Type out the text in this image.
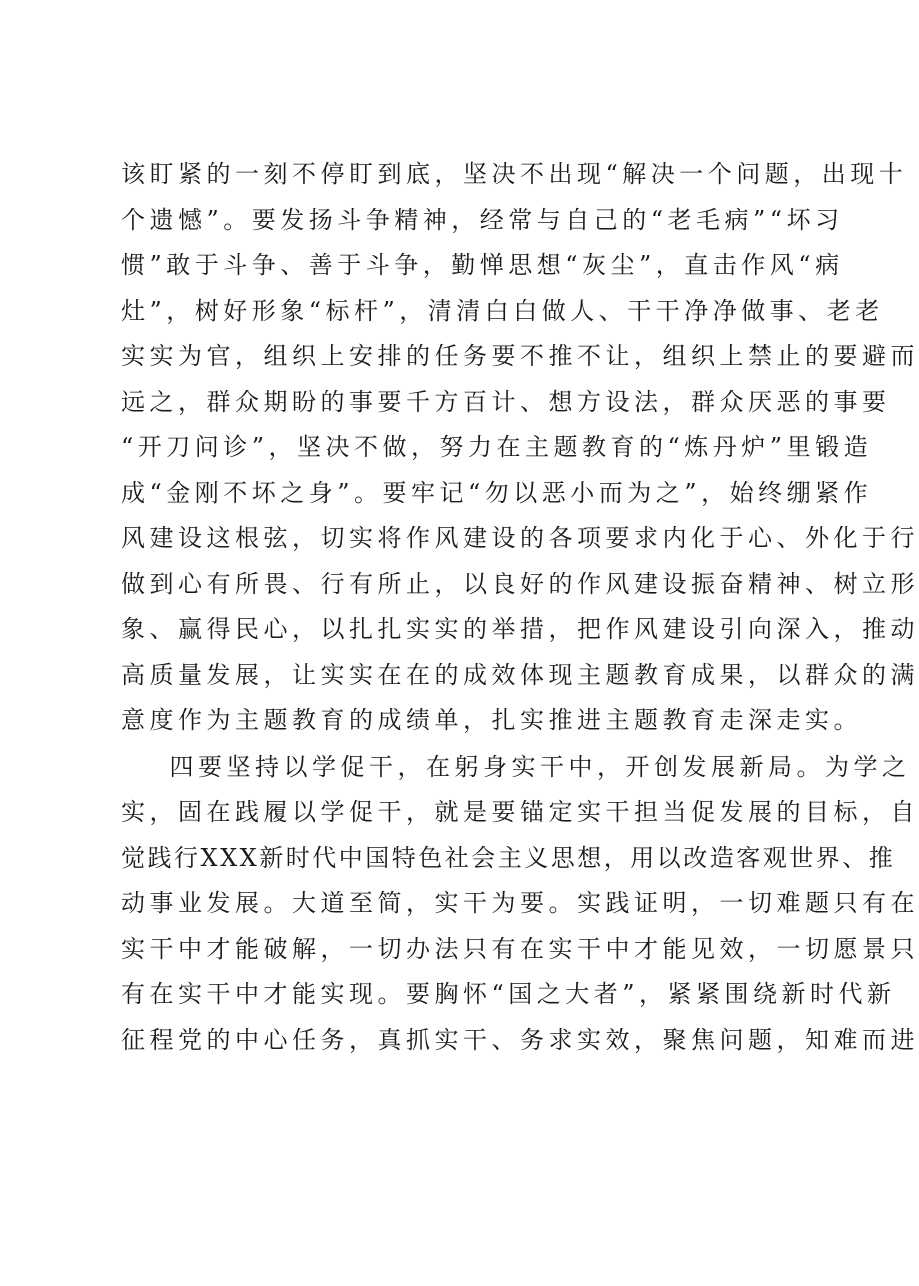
该盯紧的一刻不停盯到底，坚决不出现“解决一个问题，出现十
个遗憾”。要发扬斗争精神，经常与自己的“老毛病”“坏习
惯”敢于斗争、善于斗争，勤惮思想“灰尘”，直击作风“病
灶”，树好形象“标杆”，清清白白做人、干干净净做事、老老
实实为官，组织上安排的任务要不推不让，组织上禁止的要避而
远之，群众期盼的事要千方百计、想方设法，群众厌恶的事要
“开刀问诊”，坚决不做，努力在主题教育的“炼丹炉”里锻造
成“金刚不坏之身”。要牢记“勿以恶小而为之”，始终绷紧作
风建设这根弦，切实将作风建设的各项要求内化于心、外化于行
做到心有所畏、行有所止，以良好的作风建设振奋精神、树立形
象、赢得民心，以扎扎实实的举措，把作风建设引向深入，推动
高质量发展，让实实在在的成效体现主题教育成果，以群众的满
意度作为主题教育的成绩单，扎实推进主题教育走深走实。
四要坚持以学促干，在躬身实干中，开创发展新局。为学之
实，固在践履以学促干，就是要锚定实干担当促发展的目标，自
觉践行XXX新时代中国特色社会主义思想，用以改造客观世界、推
动事业发展。大道至简，实干为要。实践证明，一切难题只有在
实干中才能破解，一切办法只有在实干中才能见效，一切愿景只
有在实干中才能实现。要胸怀“国之大者”，紧紧围绕新时代新
征程党的中心任务，真抓实干、务求实效，聚焦问题，知难而进
